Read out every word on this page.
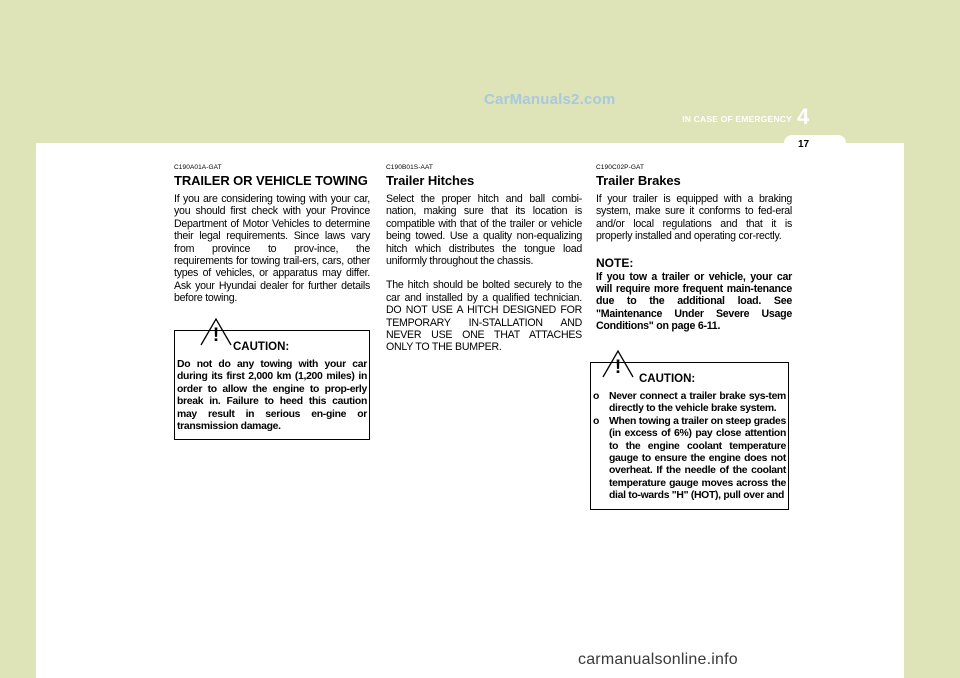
CarManuals2.com
IN CASE OF EMERGENCY 4
17
C190A01A-GAT
TRAILER OR VEHICLE TOWING

If you are considering towing with your car, you should first check with your Province Department of Motor Vehicles to determine their legal requirements. Since laws vary from province to prov-ince, the requirements for towing trail-ers, cars, other types of vehicles, or apparatus may differ. Ask your Hyundai dealer for further details before towing.

!
CAUTION:

Do not do any towing with your car during its first 2,000 km (1,200 miles) in order to allow the engine to prop-erly break in. Failure to heed this caution may result in serious en-gine or transmission damage.

C190B01S-AAT
Trailer Hitches

Select the proper hitch and ball combi-nation, making sure that its location is compatible with that of the trailer or vehicle being towed. Use a quality non-equalizing hitch which distributes the tongue load uniformly throughout the chassis.

The hitch should be bolted securely to the car and installed by a qualified technician. DO NOT USE A HITCH DESIGNED FOR TEMPORARY IN-STALLATION AND NEVER USE ONE THAT ATTACHES ONLY TO THE BUMPER.

C190C02P-GAT
Trailer Brakes

If your trailer is equipped with a braking system, make sure it conforms to fed-eral and/or local regulations and that it is properly installed and operating cor-rectly.

NOTE:

If you tow a trailer or vehicle, your car will require more frequent main-tenance due to the additional load. See "Maintenance Under Severe Usage Conditions" on page 6-11.

!
CAUTION:
o Never connect a trailer brake sys-tem directly to the vehicle brake system.
o When towing a trailer on steep grades (in excess of 6%) pay close attention to the engine coolant temperature gauge to ensure the engine does not overheat. If the needle of the coolant temperature gauge moves across the dial to-wards "H" (HOT), pull over and
carmanualsonline.info
